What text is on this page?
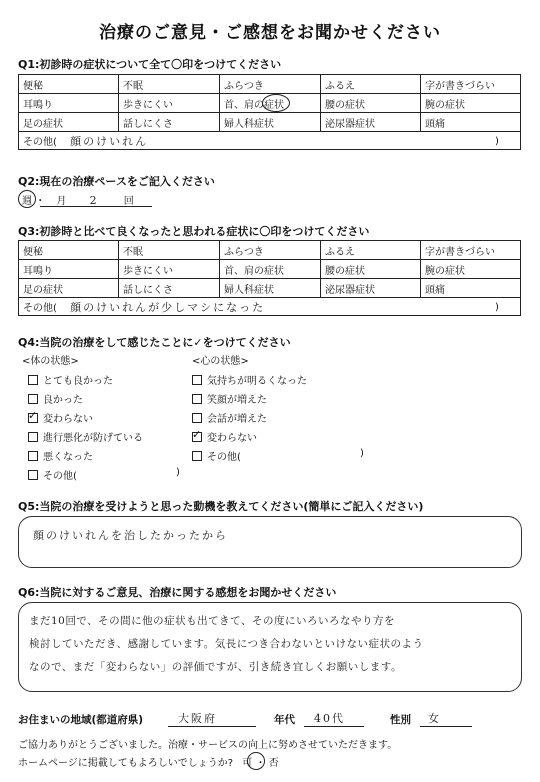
治療のご意見・ご感想をお聞かせください
Q1:初診時の症状について全て〇印をつけてください
便秘	不眠	ふらつき	ふるえ	字が書きづらい
耳鳴り	歩きにくい	首、肩の症状	腰の症状	腕の症状
足の症状	話しにくさ	婦人科症状	泌尿器症状	頭痛
その他( 顔のけいれん					)
Q2:現在の治療ペースをご記入ください
週 ・ 月 2	回
Q3:初診時と比べて良くなったと思われる症状に〇印をつけてください
便秘	不眠	ふらつき	ふるえ	字が書きづらい
耳鳴り	歩きにくい	首、肩の症状	腰の症状	腕の症状
足の症状	話しにくさ	婦人科症状	泌尿器症状	頭痛
その他( 顔のけいれんが少しマシになった					)
Q4:当院の治療をして感じたことに✓をつけてください
<体の状態>	<心の状態>
とても良かった
良かった
✓変わらない
進行悪化が防げている
悪くなった
その他(	)
気持ちが明るくなった
笑顔が増えた
会話が増えた
✓変わらない
その他(	)
Q5:当院の治療を受けようと思った動機を教えてください(簡単にご記入ください)
顔のけいれんを治したかったから
Q6:当院に対するご意見、治療に関する感想をお聞かせください
まだ10回で、その間に他の症状も出てきて、その度にいろいろなやり方を
検討していただき、感謝しています。気長につき合わないといけない症状のよう
なので、まだ「変わらない」の評価ですが、引き続き宜しくお願いします。
お住まいの地域(都道府県)	大阪府	年代 40代	性別 女
ご協力ありがとうございました。治療・サービスの向上に努めさせていただきます。
ホームページに掲載してもよろしいでしょうか? 可 ・ 否
